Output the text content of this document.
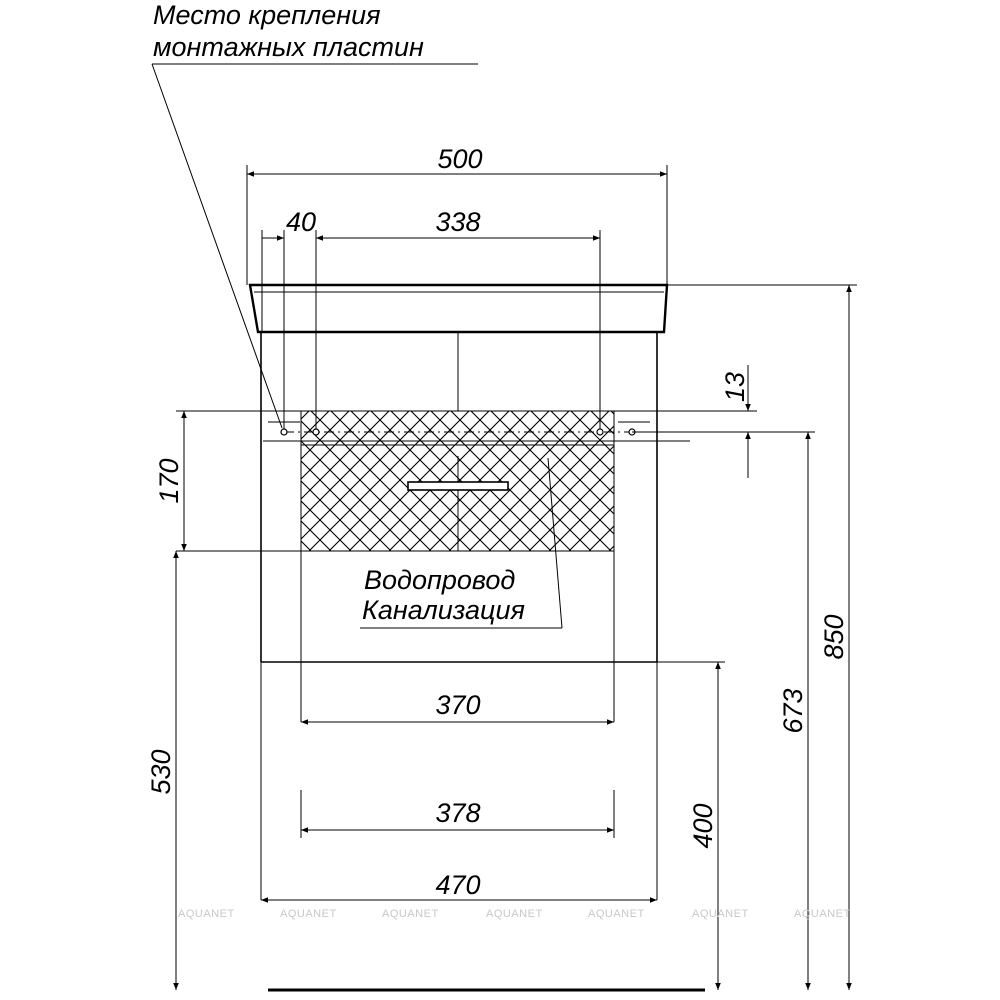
Место крепления
монтажных пластин
Водопровод
Канализация
500
40	338
370
378
470
13
170
530
400
673
850
AQUANET	AQUANET	AQUANET	AQUANET	AQUANET	AQUANET	AQUANET
